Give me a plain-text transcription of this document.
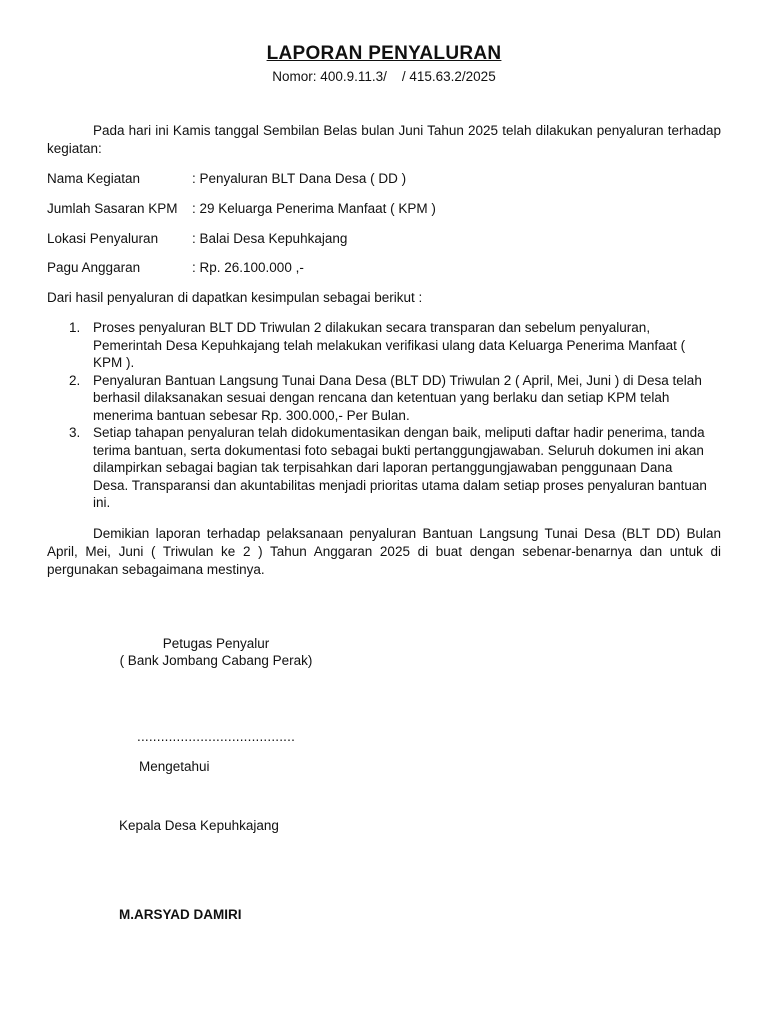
LAPORAN PENYALURAN
Nomor: 400.9.11.3/    / 415.63.2/2025
Pada hari ini Kamis tanggal Sembilan Belas bulan Juni Tahun 2025 telah dilakukan penyaluran terhadap kegiatan:
Nama Kegiatan	: Penyaluran BLT Dana Desa ( DD )
Jumlah Sasaran KPM : 29 Keluarga Penerima Manfaat ( KPM )
Lokasi Penyaluran	: Balai Desa Kepuhkajang
Pagu Anggaran	: Rp. 26.100.000 ,-
Dari hasil penyaluran di dapatkan kesimpulan sebagai berikut :
1. Proses penyaluran BLT DD Triwulan 2 dilakukan secara transparan dan sebelum penyaluran, Pemerintah Desa Kepuhkajang telah melakukan verifikasi ulang data Keluarga Penerima Manfaat ( KPM ).
2. Penyaluran Bantuan Langsung Tunai Dana Desa (BLT DD) Triwulan 2 ( April, Mei, Juni ) di Desa telah berhasil dilaksanakan sesuai dengan rencana dan ketentuan yang berlaku dan setiap KPM telah menerima bantuan sebesar Rp. 300.000,- Per Bulan.
3. Setiap tahapan penyaluran telah didokumentasikan dengan baik, meliputi daftar hadir penerima, tanda terima bantuan, serta dokumentasi foto sebagai bukti pertanggungjawaban. Seluruh dokumen ini akan dilampirkan sebagai bagian tak terpisahkan dari laporan pertanggungjawaban penggunaan Dana Desa. Transparansi dan akuntabilitas menjadi prioritas utama dalam setiap proses penyaluran bantuan ini.
Demikian laporan terhadap pelaksanaan penyaluran Bantuan Langsung Tunai Desa (BLT DD) Bulan April, Mei, Juni ( Triwulan ke 2 ) Tahun Anggaran 2025 di buat dengan sebenar-benarnya dan untuk di pergunakan sebagaimana mestinya.
Petugas Penyalur
( Bank Jombang Cabang Perak)
........................................
Mengetahui
Kepala Desa Kepuhkajang
M.ARSYAD DAMIRI
